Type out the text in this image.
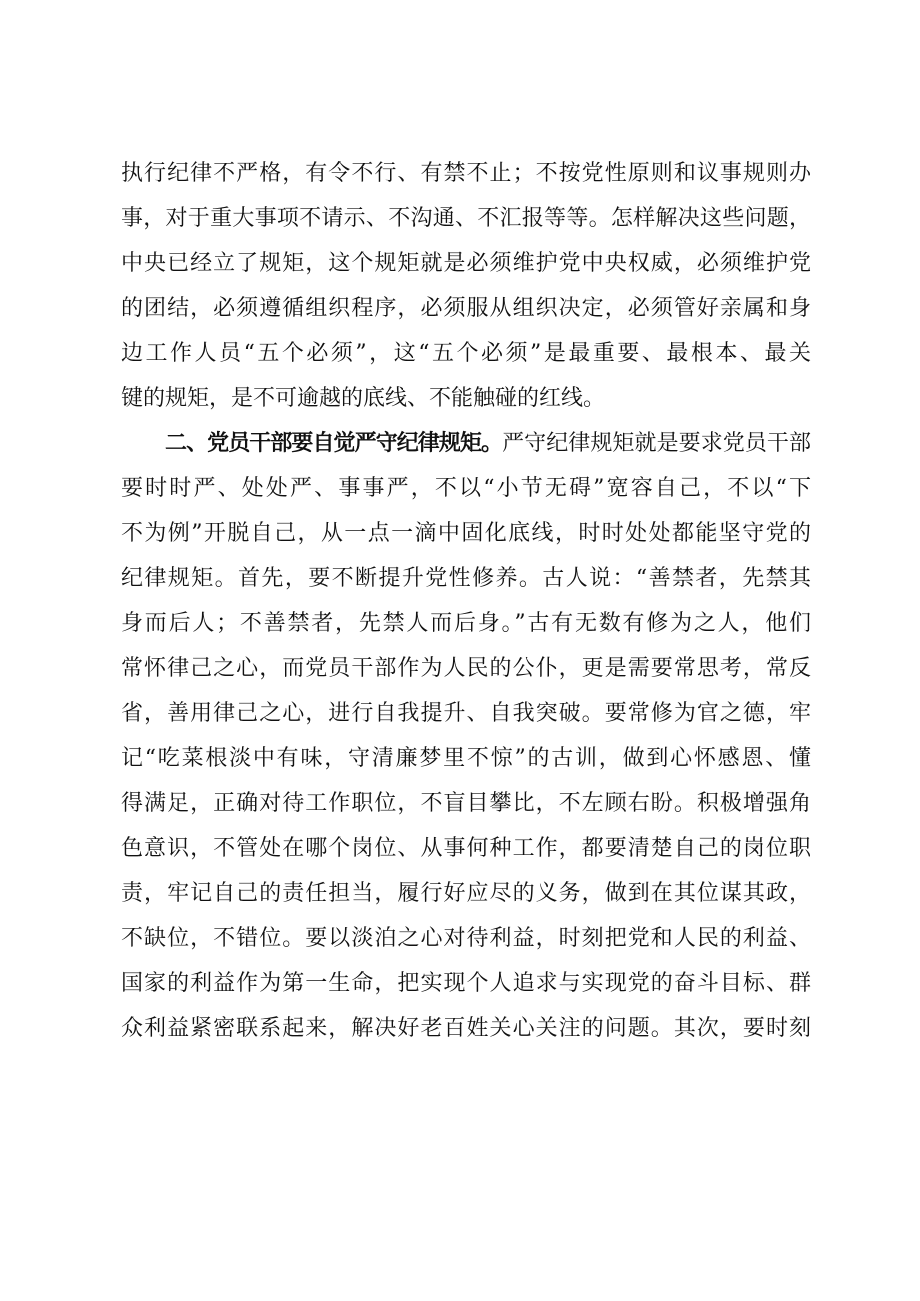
执行纪律不严格，有令不行、有禁不止；不按党性原则和议事规则办
事，对于重大事项不请示、不沟通、不汇报等等。怎样解决这些问题，
中央已经立了规矩，这个规矩就是必须维护党中央权威，必须维护党
的团结，必须遵循组织程序，必须服从组织决定，必须管好亲属和身
边工作人员“五个必须”，这“五个必须”是最重要、最根本、最关
键的规矩，是不可逾越的底线、不能触碰的红线。
二、党员干部要自觉严守纪律规矩。严守纪律规矩就是要求党员干部
要时时严、处处严、事事严，不以“小节无碍”宽容自己，不以“下
不为例”开脱自己，从一点一滴中固化底线，时时处处都能坚守党的
纪律规矩。首先，要不断提升党性修养。古人说：“善禁者，先禁其
身而后人；不善禁者，先禁人而后身。”古有无数有修为之人，他们
常怀律己之心，而党员干部作为人民的公仆，更是需要常思考，常反
省，善用律己之心，进行自我提升、自我突破。要常修为官之德，牢
记“吃菜根淡中有味，守清廉梦里不惊”的古训，做到心怀感恩、懂
得满足，正确对待工作职位，不盲目攀比，不左顾右盼。积极增强角
色意识，不管处在哪个岗位、从事何种工作，都要清楚自己的岗位职
责，牢记自己的责任担当，履行好应尽的义务，做到在其位谋其政，
不缺位，不错位。要以淡泊之心对待利益，时刻把党和人民的利益、
国家的利益作为第一生命，把实现个人追求与实现党的奋斗目标、群
众利益紧密联系起来，解决好老百姓关心关注的问题。其次，要时刻
